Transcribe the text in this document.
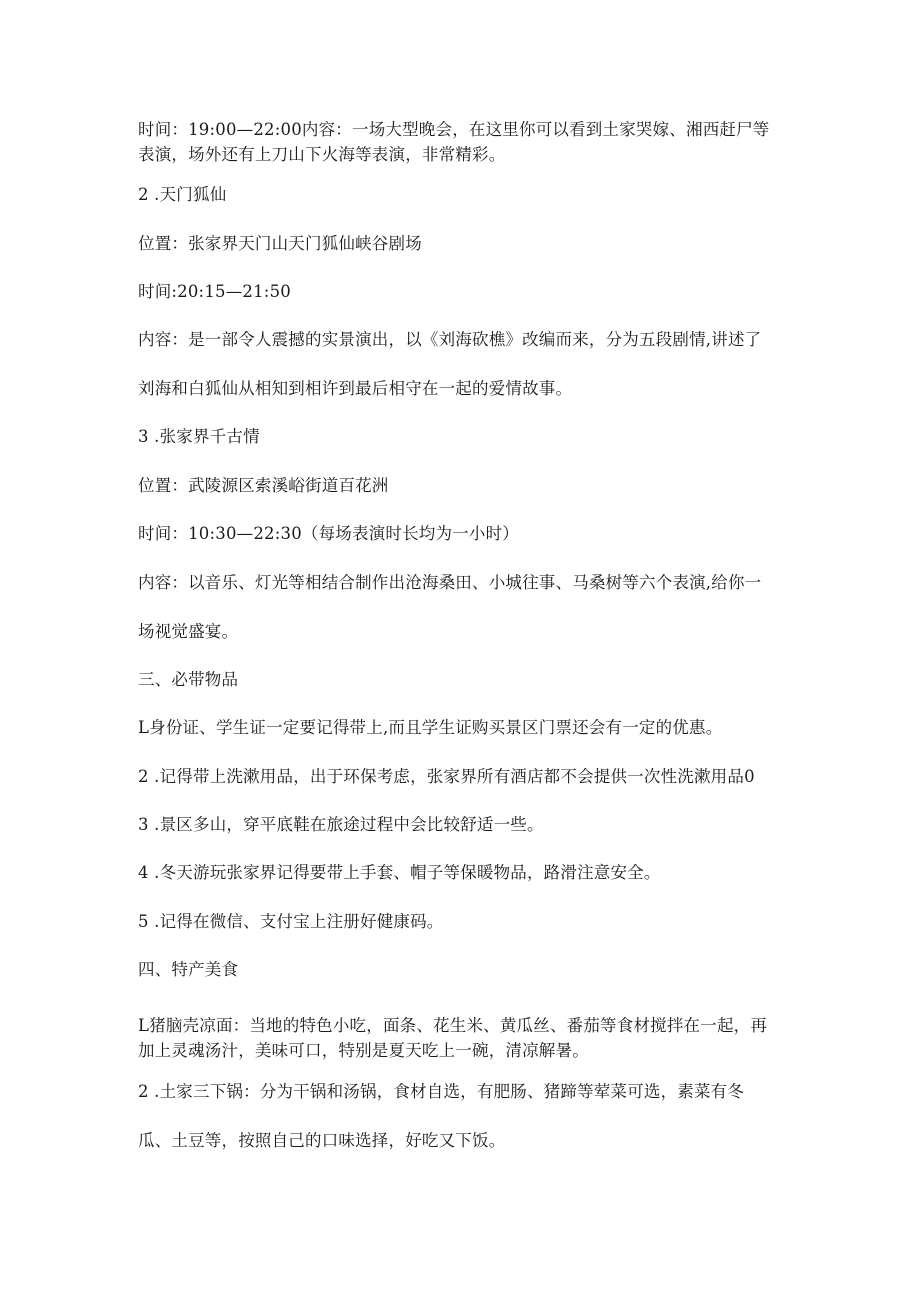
时间：19:00—22:00内容：一场大型晚会，在这里你可以看到土家哭嫁、湘西赶尸等
表演，场外还有上刀山下火海等表演，非常精彩。
2 .天门狐仙
位置：张家界天门山天门狐仙峡谷剧场
时间:20:15—21:50
内容：是一部令人震撼的实景演出，以《刘海砍樵》改编而来，分为五段剧情,讲述了
刘海和白狐仙从相知到相许到最后相守在一起的爱情故事。
3 .张家界千古情
位置：武陵源区索溪峪街道百花洲
时间：10:30—22:30（每场表演时长均为一小时）
内容：以音乐、灯光等相结合制作出沧海桑田、小城往事、马桑树等六个表演,给你一
场视觉盛宴。
三、必带物品
L身份证、学生证一定要记得带上,而且学生证购买景区门票还会有一定的优惠。
2 .记得带上洗漱用品，出于环保考虑，张家界所有酒店都不会提供一次性洗漱用品0
3 .景区多山，穿平底鞋在旅途过程中会比较舒适一些。
4 .冬天游玩张家界记得要带上手套、帽子等保暖物品，路滑注意安全。
5 .记得在微信、支付宝上注册好健康码。
四、特产美食
L猪脑壳凉面：当地的特色小吃，面条、花生米、黄瓜丝、番茄等食材搅拌在一起，再
加上灵魂汤汁，美味可口，特别是夏天吃上一碗，清凉解暑。
2 .土家三下锅：分为干锅和汤锅，食材自选，有肥肠、猪蹄等荤菜可选，素菜有冬
瓜、土豆等，按照自己的口味选择，好吃又下饭。
